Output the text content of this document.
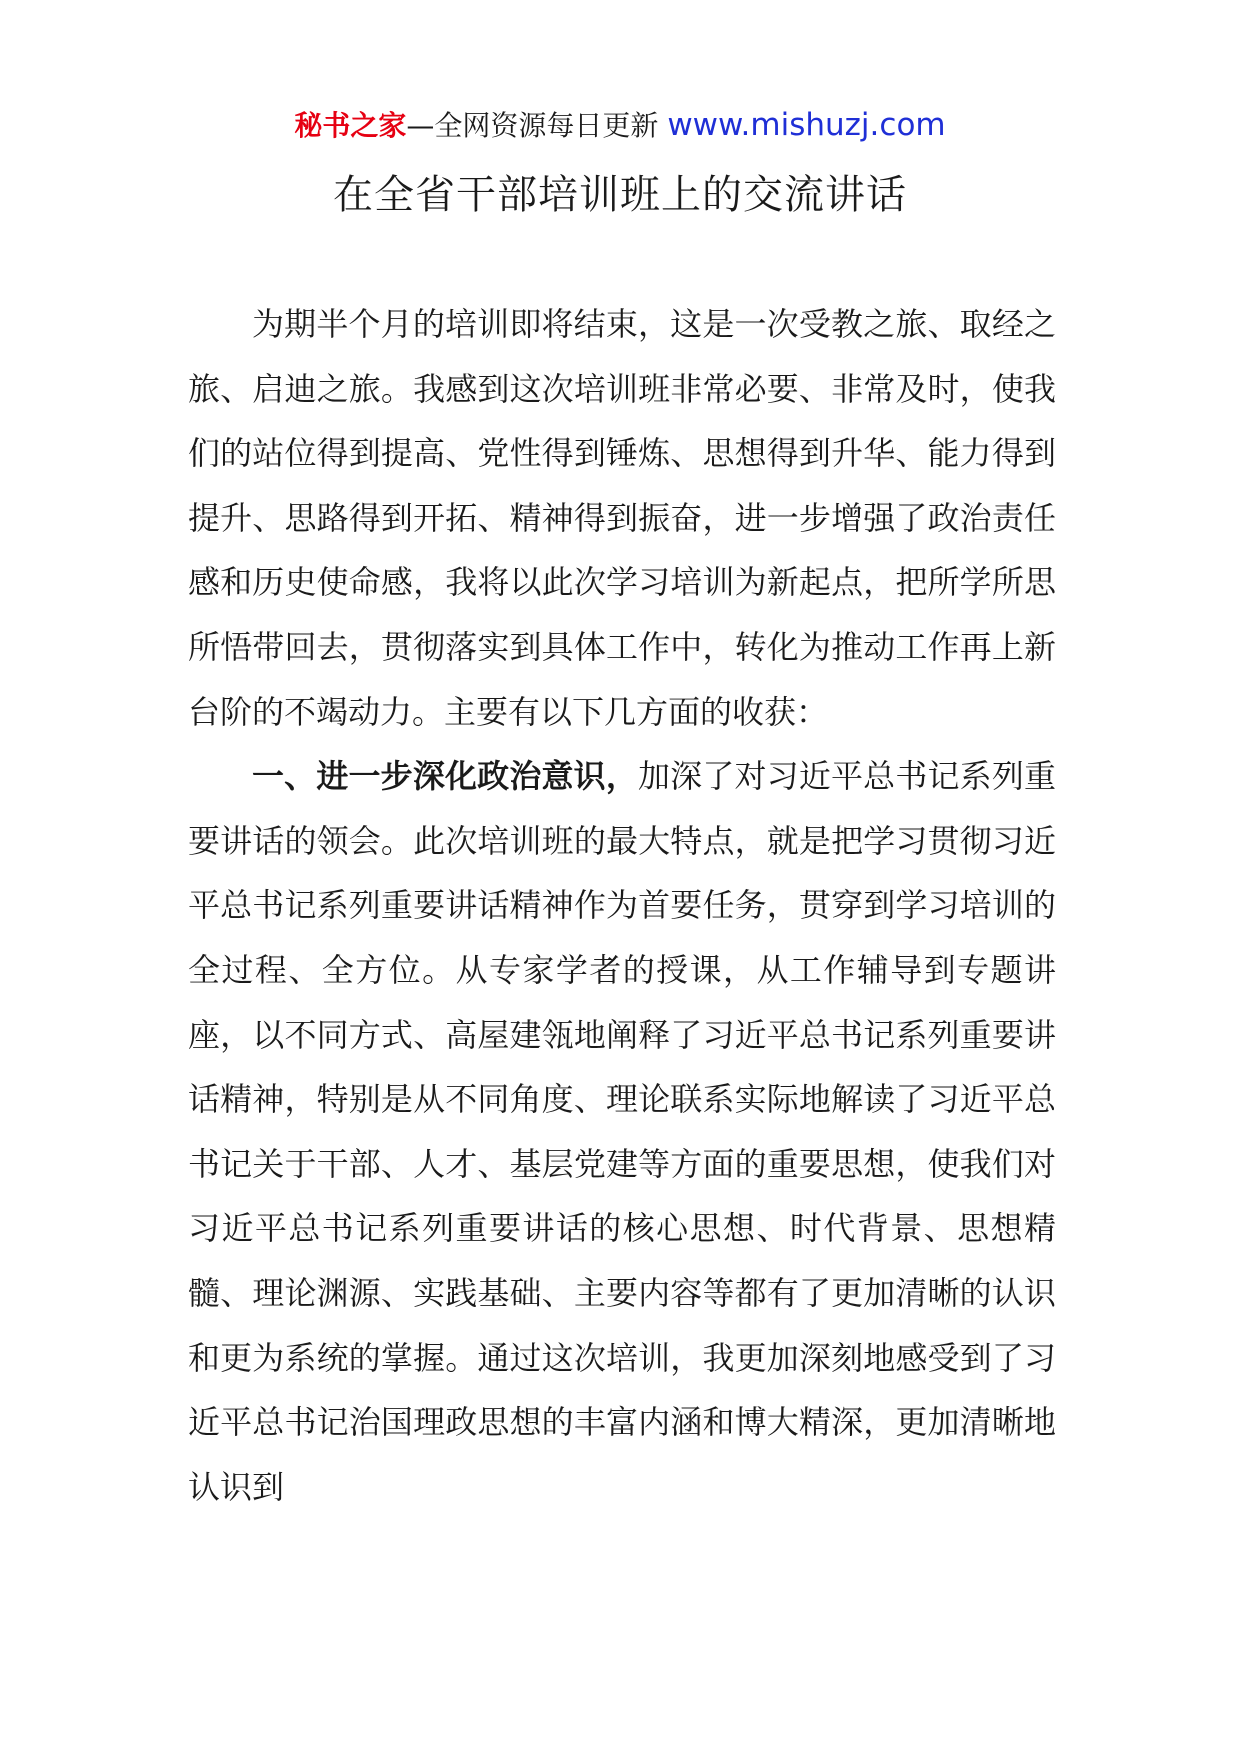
秘书之家—全网资源每日更新 www.mishuzj.com
在全省干部培训班上的交流讲话

为期半个月的培训即将结束，这是一次受教之旅、取经之旅、启迪之旅。我感到这次培训班非常必要、非常及时，使我们的站位得到提高、党性得到锤炼、思想得到升华、能力得到提升、思路得到开拓、精神得到振奋，进一步增强了政治责任感和历史使命感，我将以此次学习培训为新起点，把所学所思所悟带回去，贯彻落实到具体工作中，转化为推动工作再上新台阶的不竭动力。主要有以下几方面的收获：

一、进一步深化政治意识，加深了对习近平总书记系列重要讲话的领会。此次培训班的最大特点，就是把学习贯彻习近平总书记系列重要讲话精神作为首要任务，贯穿到学习培训的全过程、全方位。从专家学者的授课，从工作辅导到专题讲座，以不同方式、高屋建瓴地阐释了习近平总书记系列重要讲话精神，特别是从不同角度、理论联系实际地解读了习近平总书记关于干部、人才、基层党建等方面的重要思想，使我们对习近平总书记系列重要讲话的核心思想、时代背景、思想精髓、理论渊源、实践基础、主要内容等都有了更加清晰的认识和更为系统的掌握。通过这次培训，我更加深刻地感受到了习近平总书记治国理政思想的丰富内涵和博大精深，更加清晰地认识到
